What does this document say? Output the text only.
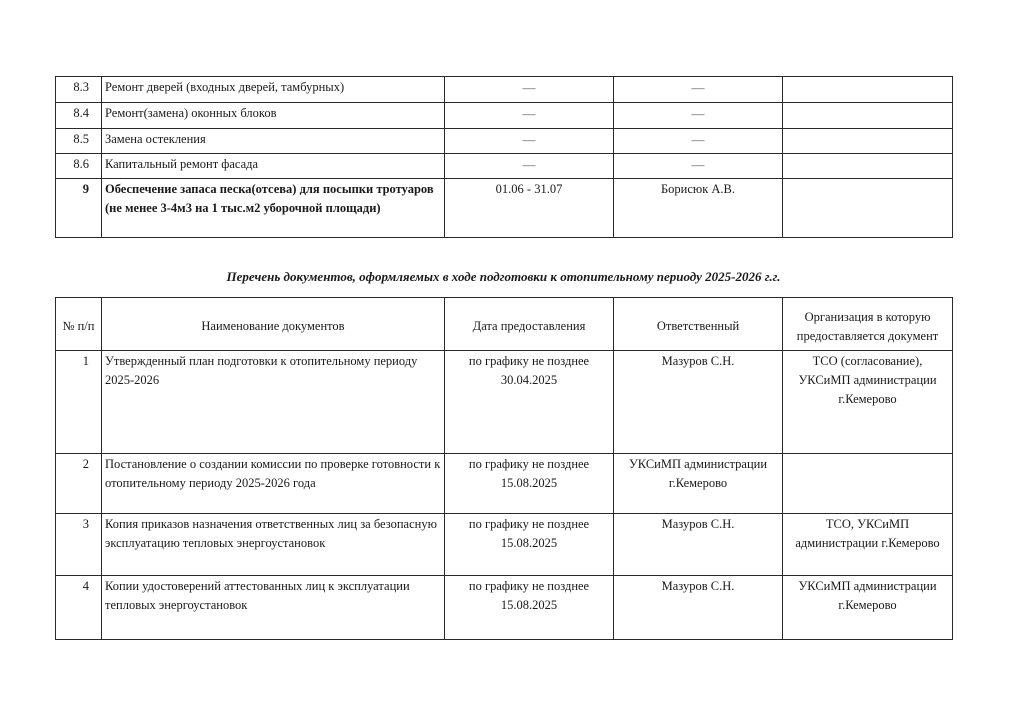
8.3	Ремонт дверей (входных дверей, тамбурных)	—	—	
8.4	Ремонт(замена) оконных блоков	—	—	
8.5	Замена остекления	—	—	
8.6	Капитальный ремонт фасада	—	—	
9	Обеспечение запаса песка(отсева) для посыпки тротуаров (не менее 3-4м3 на 1 тыс.м2 уборочной площади)	01.06 - 31.07	Борисюк А.В.	
Перечень документов, оформляемых в ходе подготовки к отопительному периоду 2025-2026 г.г.
№ п/п	Наименование документов	Дата предоставления	Ответственный	Организация в которую предоставляется документ
1	Утвержденный план подготовки к отопительному периоду 2025-2026	по графику не позднее 30.04.2025	Мазуров С.Н.	ТСО (согласование), УКСиМП администрации г.Кемерово
2	Постановление о создании комиссии по проверке готовности к отопительному периоду 2025-2026 года	по графику не позднее 15.08.2025	УКСиМП администрации г.Кемерово	
3	Копия приказов назначения ответственных лиц за безопасную эксплуатацию тепловых энергоустановок	по графику не позднее 15.08.2025	Мазуров С.Н.	ТСО, УКСиМП администрации г.Кемерово
4	Копии удостоверений аттестованных лиц к эксплуатации тепловых энергоустановок	по графику не позднее 15.08.2025	Мазуров С.Н.	УКСиМП администрации г.Кемерово
